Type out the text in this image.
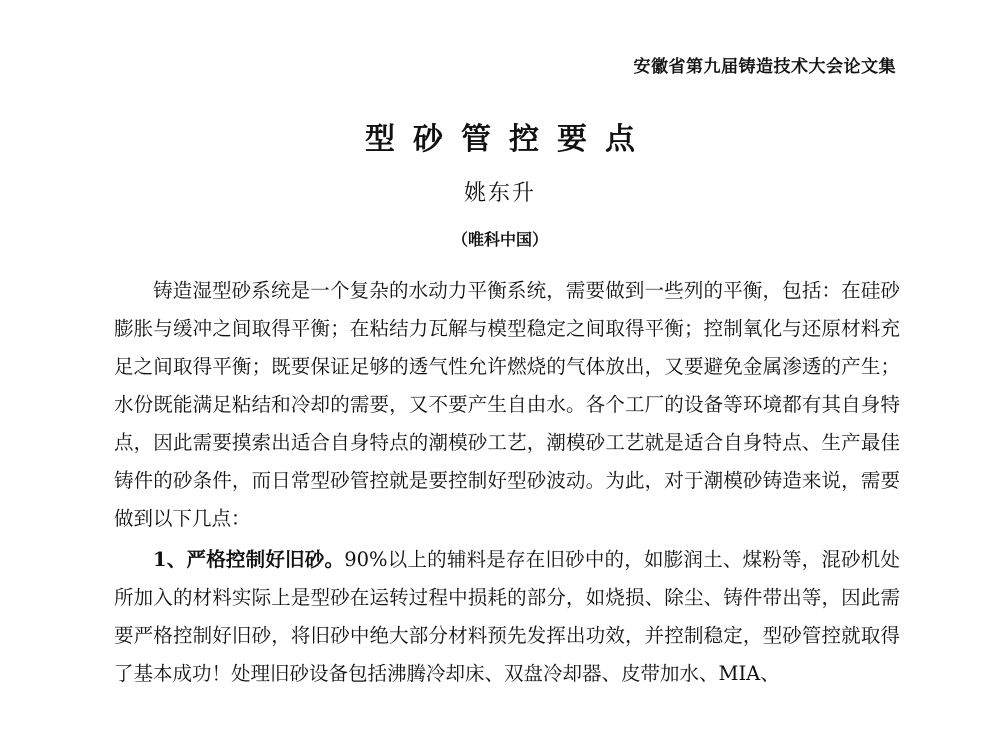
安徽省第九届铸造技术大会论文集
型砂管控要点
姚东升
（唯科中国）

铸造湿型砂系统是一个复杂的水动力平衡系统，需要做到一些列的平衡，包括：在硅砂膨胀与缓冲之间取得平衡；在粘结力瓦解与模型稳定之间取得平衡；控制氧化与还原材料充足之间取得平衡；既要保证足够的透气性允许燃烧的气体放出，又要避免金属渗透的产生；水份既能满足粘结和冷却的需要，又不要产生自由水。各个工厂的设备等环境都有其自身特点，因此需要摸索出适合自身特点的潮模砂工艺，潮模砂工艺就是适合自身特点、生产最佳铸件的砂条件，而日常型砂管控就是要控制好型砂波动。为此，对于潮模砂铸造来说，需要做到以下几点：

1、严格控制好旧砂。90%以上的辅料是存在旧砂中的，如膨润土、煤粉等，混砂机处所加入的材料实际上是型砂在运转过程中损耗的部分，如烧损、除尘、铸件带出等，因此需要严格控制好旧砂，将旧砂中绝大部分材料预先发挥出功效，并控制稳定，型砂管控就取得了基本成功！处理旧砂设备包括沸腾冷却床、双盘冷却器、皮带加水、MIA、
